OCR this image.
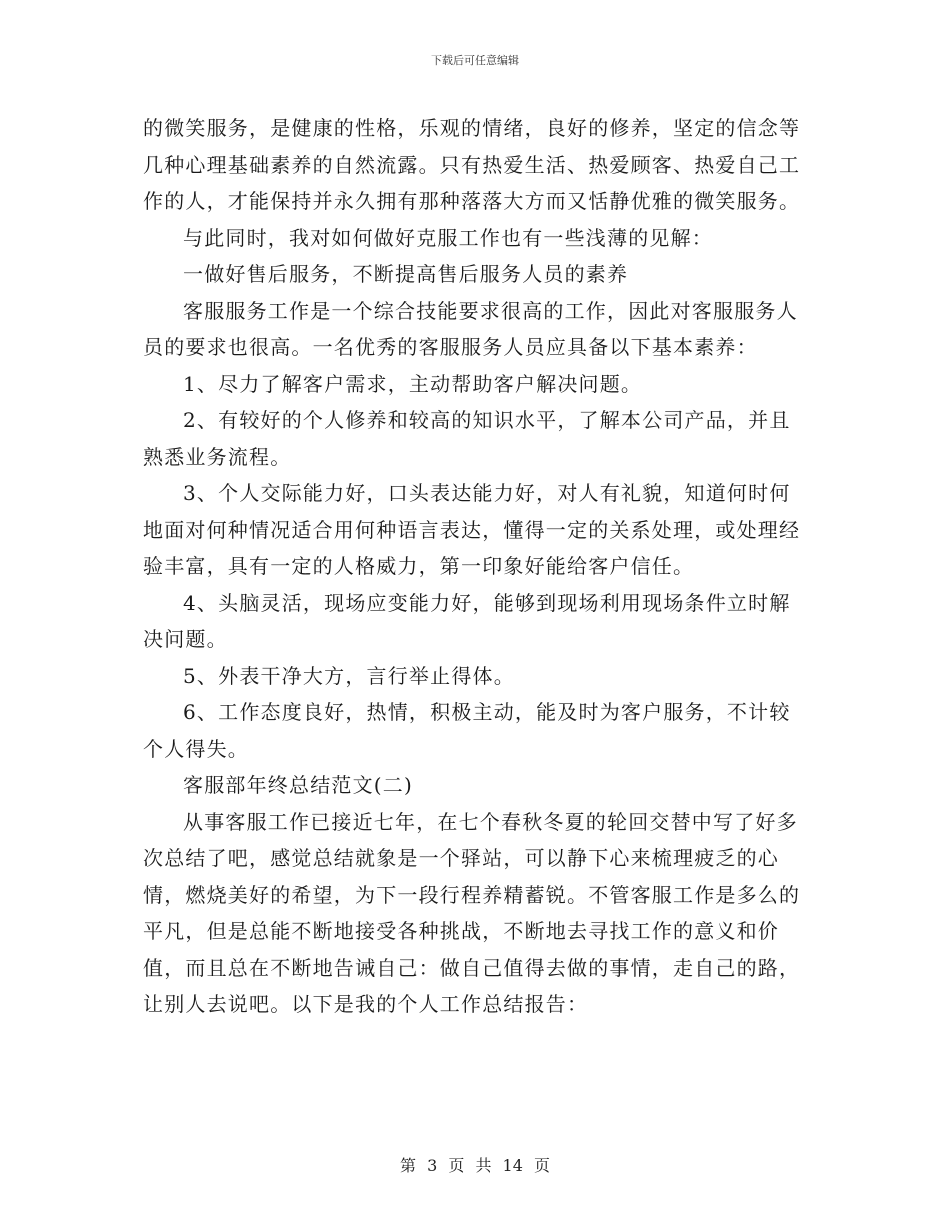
下载后可任意编辑

的微笑服务，是健康的性格，乐观的情绪，良好的修养，坚定的信念等几种心理基础素养的自然流露。只有热爱生活、热爱顾客、热爱自己工作的人，才能保持并永久拥有那种落落大方而又恬静优雅的微笑服务。

与此同时，我对如何做好克服工作也有一些浅薄的见解：

一做好售后服务，不断提高售后服务人员的素养

客服服务工作是一个综合技能要求很高的工作，因此对客服服务人员的要求也很高。一名优秀的客服服务人员应具备以下基本素养：

1、尽力了解客户需求，主动帮助客户解决问题。

2、有较好的个人修养和较高的知识水平，了解本公司产品，并且熟悉业务流程。

3、个人交际能力好，口头表达能力好，对人有礼貌，知道何时何地面对何种情况适合用何种语言表达，懂得一定的关系处理，或处理经验丰富，具有一定的人格威力，第一印象好能给客户信任。

4、头脑灵活，现场应变能力好，能够到现场利用现场条件立时解决问题。

5、外表干净大方，言行举止得体。

6、工作态度良好，热情，积极主动，能及时为客户服务，不计较个人得失。

客服部年终总结范文(二)

从事客服工作已接近七年，在七个春秋冬夏的轮回交替中写了好多次总结了吧，感觉总结就象是一个驿站，可以静下心来梳理疲乏的心情，燃烧美好的希望，为下一段行程养精蓄锐。不管客服工作是多么的平凡，但是总能不断地接受各种挑战，不断地去寻找工作的意义和价值，而且总在不断地告诫自己：做自己值得去做的事情，走自己的路，让别人去说吧。以下是我的个人工作总结报告：

第 3 页 共 14 页
